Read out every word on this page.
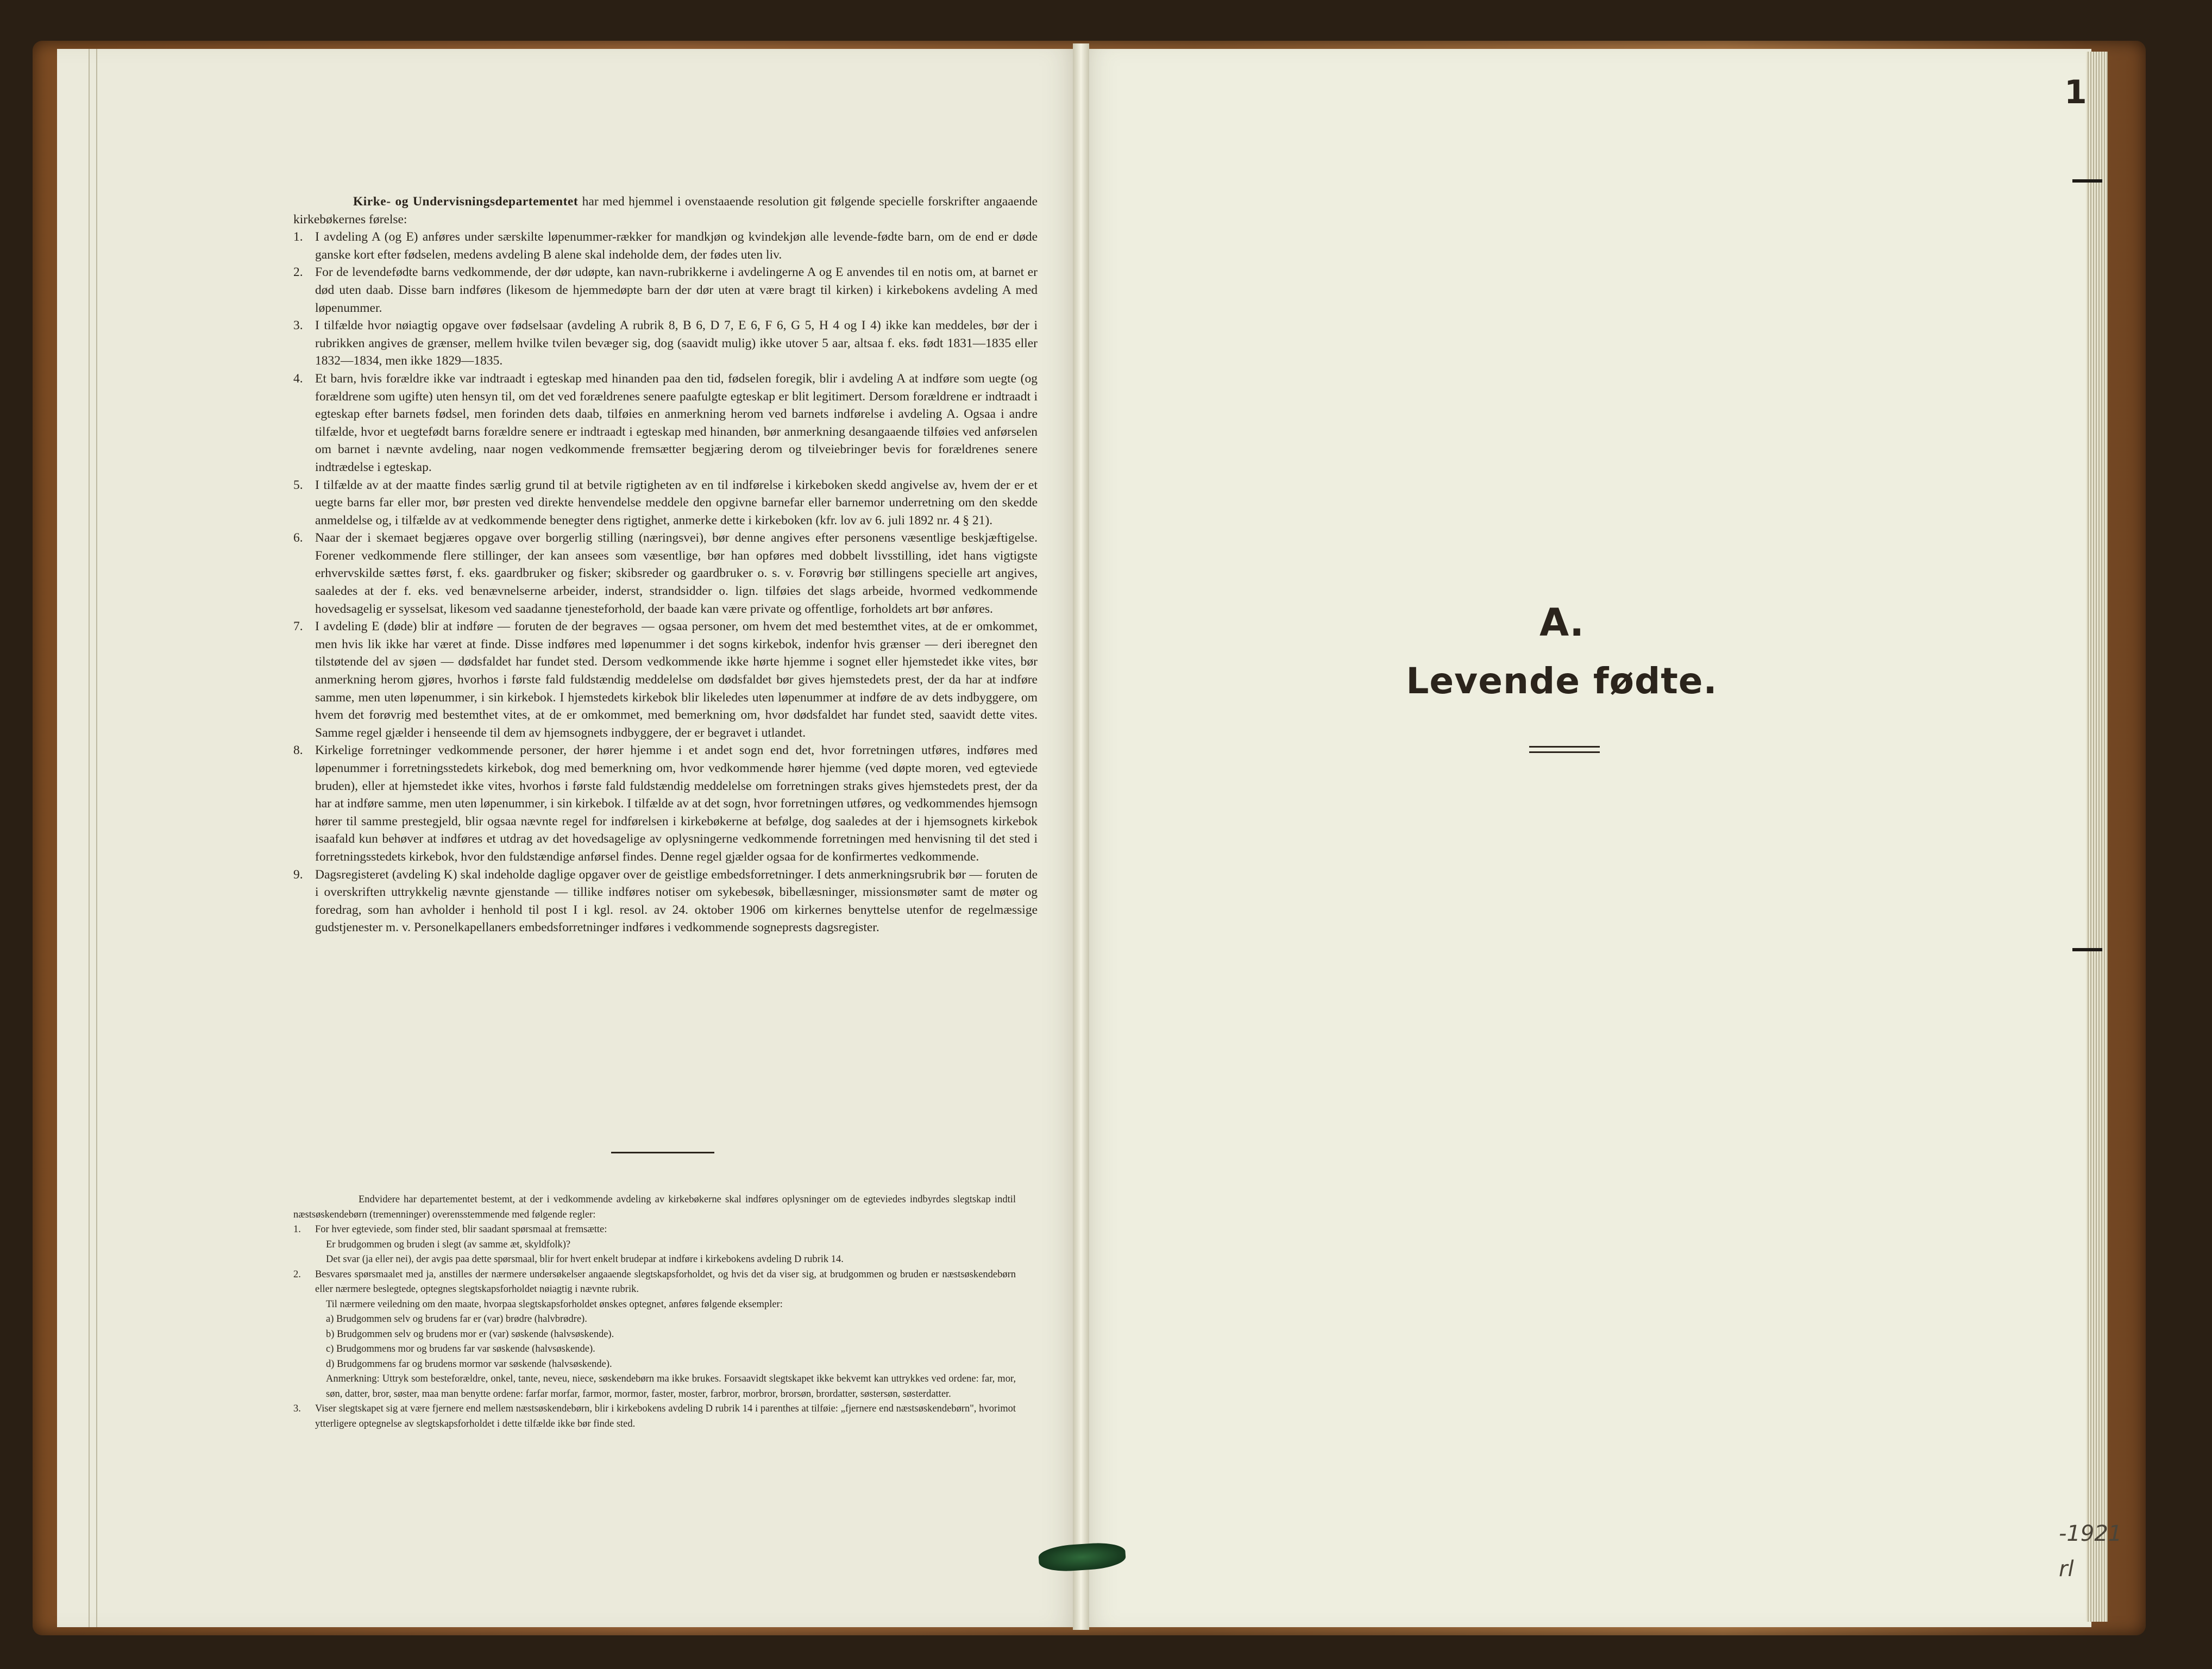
Kirke- og Undervisningsdepartementet har med hjemmel i ovenstaaende resolution git følgende specielle forskrifter angaaende kirkebøkernes førelse:

1. I avdeling A (og E) anføres under særskilte løpenummer-rækker for mandkjøn og kvindekjøn alle levende-fødte barn, om de end er døde ganske kort efter fødselen, medens avdeling B alene skal indeholde dem, der fødes uten liv.
2. For de levendefødte barns vedkommende, der dør udøpte, kan navn-rubrikkerne i avdelingerne A og E anvendes til en notis om, at barnet er død uten daab. Disse barn indføres (likesom de hjemmedøpte barn der dør uten at være bragt til kirken) i kirkebokens avdeling A med løpenummer.
3. I tilfælde hvor nøiagtig opgave over fødselsaar (avdeling A rubrik 8, B 6, D 7, E 6, F 6, G 5, H 4 og I 4) ikke kan meddeles, bør der i rubrikken angives de grænser, mellem hvilke tvilen bevæger sig, dog (saavidt mulig) ikke utover 5 aar, altsaa f. eks. født 1831—1835 eller 1832—1834, men ikke 1829—1835.
4. Et barn, hvis forældre ikke var indtraadt i egteskap med hinanden paa den tid, fødselen foregik, blir i avdeling A at indføre som uegte (og forældrene som ugifte) uten hensyn til, om det ved forældrenes senere paafulgte egteskap er blit legitimert. Dersom forældrene er indtraadt i egteskap efter barnets fødsel, men forinden dets daab, tilføies en anmerkning herom ved barnets indførelse i avdeling A. Ogsaa i andre tilfælde, hvor et uegtefødt barns forældre senere er indtraadt i egteskap med hinanden, bør anmerkning desangaaende tilføies ved anførselen om barnet i nævnte avdeling, naar nogen vedkommende fremsætter begjæring derom og tilveiebringer bevis for forældrenes senere indtrædelse i egteskap.
5. I tilfælde av at der maatte findes særlig grund til at betvile rigtigheten av en til indførelse i kirkeboken skedd angivelse av, hvem der er et uegte barns far eller mor, bør presten ved direkte henvendelse meddele den opgivne barnefar eller barnemor underretning om den skedde anmeldelse og, i tilfælde av at vedkommende benegter dens rigtighet, anmerke dette i kirkeboken (kfr. lov av 6. juli 1892 nr. 4 § 21).
6. Naar der i skemaet begjæres opgave over borgerlig stilling (næringsvei), bør denne angives efter personens væsentlige beskjæftigelse. Forener vedkommende flere stillinger, der kan ansees som væsentlige, bør han opføres med dobbelt livsstilling, idet hans vigtigste erhvervskilde sættes først, f. eks. gaardbruker og fisker; skibsreder og gaardbruker o. s. v. Forøvrig bør stillingens specielle art angives, saaledes at der f. eks. ved benævnelserne arbeider, inderst, strandsidder o. lign. tilføies det slags arbeide, hvormed vedkommende hovedsagelig er sysselsat, likesom ved saadanne tjenesteforhold, der baade kan være private og offentlige, forholdets art bør anføres.
7. I avdeling E (døde) blir at indføre — foruten de der begraves — ogsaa personer, om hvem det med bestemthet vites, at de er omkommet, men hvis lik ikke har været at finde. Disse indføres med løpenummer i det sogns kirkebok, indenfor hvis grænser — deri iberegnet den tilstøtende del av sjøen — dødsfaldet har fundet sted. Dersom vedkommende ikke hørte hjemme i sognet eller hjemstedet ikke vites, bør anmerkning herom gjøres, hvorhos i første fald fuldstændig meddelelse om dødsfaldet bør gives hjemstedets prest, der da har at indføre samme, men uten løpenummer, i sin kirkebok. I hjemstedets kirkebok blir likeledes uten løpenummer at indføre de av dets indbyggere, om hvem det forøvrig med bestemthet vites, at de er omkommet, med bemerkning om, hvor dødsfaldet har fundet sted, saavidt dette vites. Samme regel gjælder i henseende til dem av hjemsognets indbyggere, der er begravet i utlandet.
8. Kirkelige forretninger vedkommende personer, der hører hjemme i et andet sogn end det, hvor forretningen utføres, indføres med løpenummer i forretningsstedets kirkebok, dog med bemerkning om, hvor vedkommende hører hjemme (ved døpte moren, ved egteviede bruden), eller at hjemstedet ikke vites, hvorhos i første fald fuldstændig meddelelse om forretningen straks gives hjemstedets prest, der da har at indføre samme, men uten løpenummer, i sin kirkebok. I tilfælde av at det sogn, hvor forretningen utføres, og vedkommendes hjemsogn hører til samme prestegjeld, blir ogsaa nævnte regel for indførelsen i kirkebøkerne at befølge, dog saaledes at der i hjemsognets kirkebok isaafald kun behøver at indføres et utdrag av det hovedsagelige av oplysningerne vedkommende forretningen med henvisning til det sted i forretningsstedets kirkebok, hvor den fuldstændige anførsel findes. Denne regel gjælder ogsaa for de konfirmertes vedkommende.
9. Dagsregisteret (avdeling K) skal indeholde daglige opgaver over de geistlige embedsforretninger. I dets anmerkningsrubrik bør — foruten de i overskriften uttrykkelig nævnte gjenstande — tillike indføres notiser om sykebesøk, bibellæsninger, missionsmøter samt de møter og foredrag, som han avholder i henhold til post I i kgl. resol. av 24. oktober 1906 om kirkernes benyttelse utenfor de regelmæssige gudstjenester m. v. Personelkapellaners embedsforretninger indføres i vedkommende sogneprests dagsregister.

Endvidere har departementet bestemt, at der i vedkommende avdeling av kirkebøkerne skal indføres oplysninger om de egteviedes indbyrdes slegtskap indtil næstsøskendebørn (tremenninger) overensstemmende med følgende regler:

1. For hver egteviede, som finder sted, blir saadant spørsmaal at fremsætte:

Er brudgommen og bruden i slegt (av samme æt, skyldfolk)?

Det svar (ja eller nei), der avgis paa dette spørsmaal, blir for hvert enkelt brudepar at indføre i kirkebokens avdeling D rubrik 14.

2. Besvares spørsmaalet med ja, anstilles der nærmere undersøkelser angaaende slegtskapsforholdet, og hvis det da viser sig, at brudgommen og bruden er næstsøskendebørn eller nærmere beslegtede, optegnes slegtskapsforholdet nøiagtig i nævnte rubrik.

Til nærmere veiledning om den maate, hvorpaa slegtskapsforholdet ønskes optegnet, anføres følgende eksempler:

a) Brudgommen selv og brudens far er (var) brødre (halvbrødre).

b) Brudgommen selv og brudens mor er (var) søskende (halvsøskende).

c) Brudgommens mor og brudens far var søskende (halvsøskende).

d) Brudgommens far og brudens mormor var søskende (halvsøskende).

Anmerkning: Uttryk som besteforældre, onkel, tante, neveu, niece, søskendebørn ma ikke brukes. Forsaavidt slegtskapet ikke bekvemt kan uttrykkes ved ordene: far, mor, søn, datter, bror, søster, maa man benytte ordene: farfar morfar, farmor, mormor, faster, moster, farbror, morbror, brorsøn, brordatter, søstersøn, søsterdatter.

3. Viser slegtskapet sig at være fjernere end mellem næstsøskendebørn, blir i kirkebokens avdeling D rubrik 14 i parenthes at tilføie: „fjernere end næstsøskendebørn", hvorimot ytterligere optegnelse av slegtskapsforholdet i dette tilfælde ikke bør finde sted.

1
A.
Levende fødte.
-1921
rl
